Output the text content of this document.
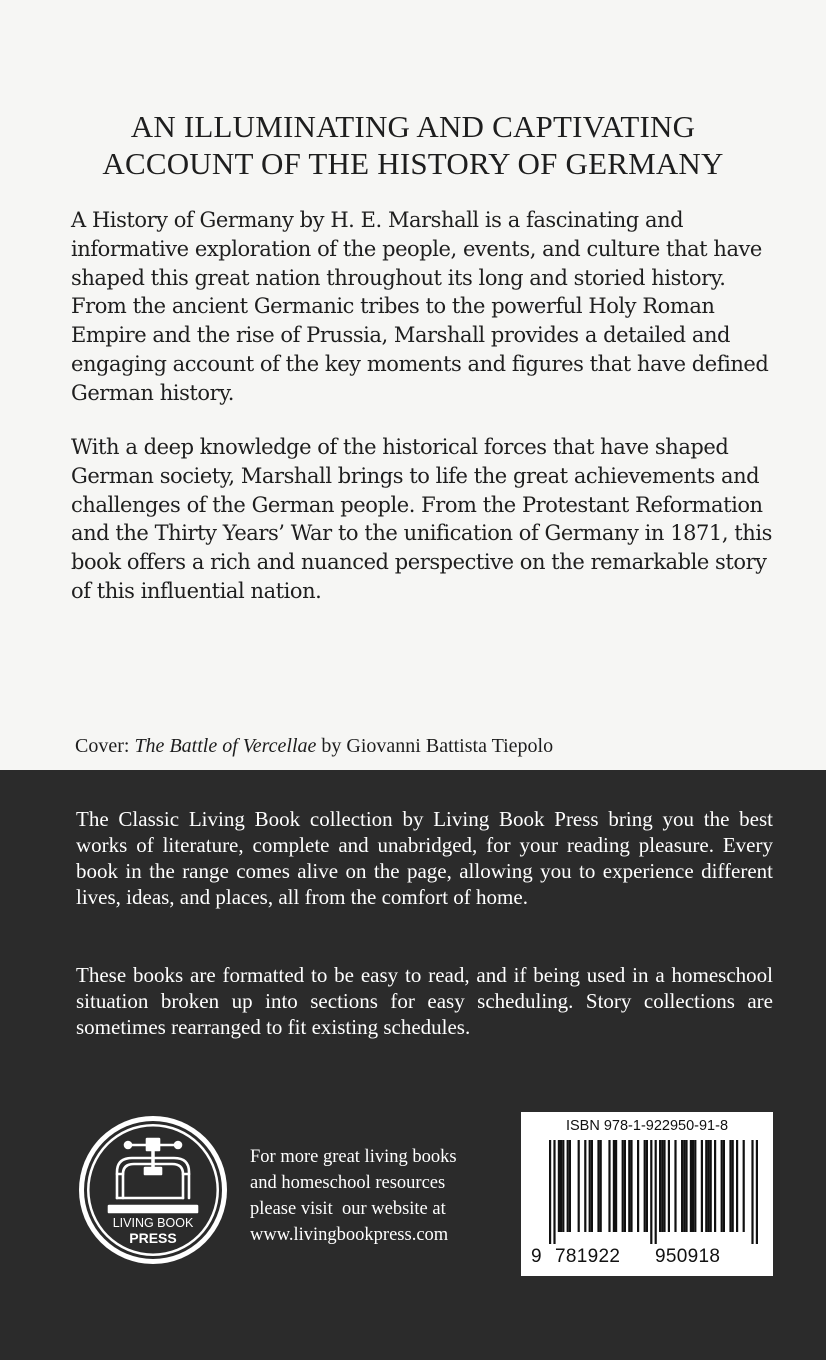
AN ILLUMINATING AND CAPTIVATING ACCOUNT OF THE HISTORY OF GERMANY

A History of Germany by H. E. Marshall is a fascinating and informative exploration of the people, events, and culture that have shaped this great nation throughout its long and storied history. From the ancient Germanic tribes to the powerful Holy Roman Empire and the rise of Prussia, Marshall provides a detailed and engaging account of the key moments and figures that have defined German history.

With a deep knowledge of the historical forces that have shaped German society, Marshall brings to life the great achievements and challenges of the German people. From the Protestant Reformation and the Thirty Years’ War to the unification of Germany in 1871, this book offers a rich and nuanced perspective on the remarkable story of this influential nation.

Cover: The Battle of Vercellae by Giovanni Battista Tiepolo

The Classic Living Book collection by Living Book Press bring you the best works of literature, complete and unabridged, for your reading pleasure. Every book in the range comes alive on the page, allowing you to experience different lives, ideas, and places, all from the comfort of home.

These books are formatted to be easy to read, and if being used in a homeschool situation broken up into sections for easy scheduling. Story collections are sometimes rearranged to fit existing schedules.

LIVING BOOK
PRESS

For more great living books
and homeschool resources
please visit  our website at
www.livingbookpress.com

ISBN 978-1-922950-91-8
9 781922 950918
